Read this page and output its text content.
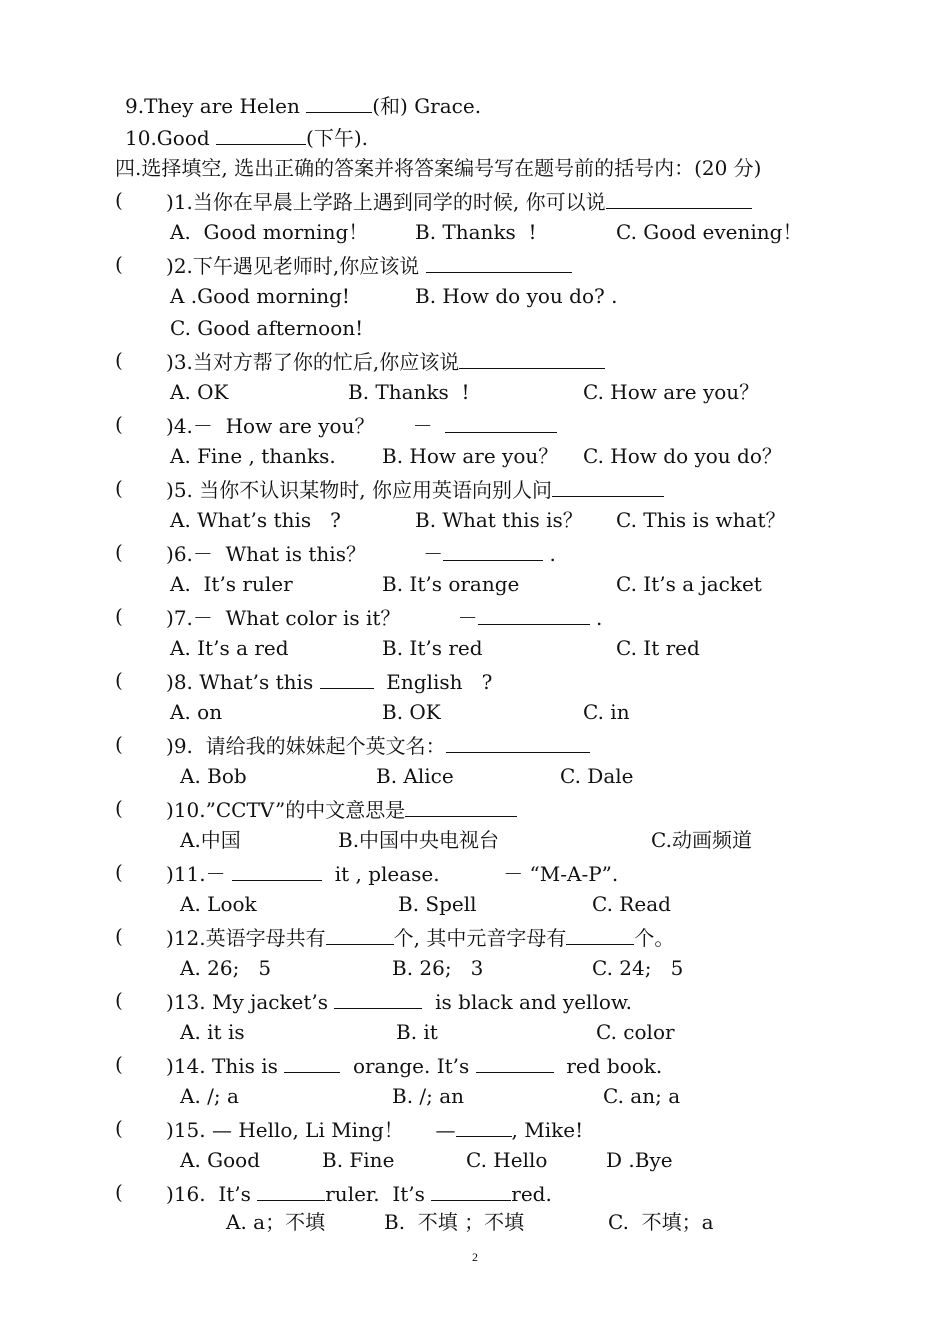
9.They are Helen	(和) Grace.
10.Good	(下午).
四.选择填空, 选出正确的答案并将答案编号写在题号前的括号内：(20 分)
( )1.当你在早晨上学路上遇到同学的时候, 你可以说
A.  Good morning！ B. Thanks  !	C. Good evening！
( )2.下午遇见老师时,你应该说
A .Good morning!	B. How do you do? .
C. Good afternoon!
( )3.当对方帮了你的忙后,你应该说
A. OK	B. Thanks  !	C. How are you？
( )4.－  How are you？      －
A. Fine , thanks. B. How are you？ C. How do you do？
( )5. 当你不认识某物时, 你应用英语向别人问
A. What’s this   ?	B. What this is？ C. This is what？
( )6.－  What is this？         －	.
A.  It’s ruler	B. It’s orange	C. It’s a jacket
( )7.－  What color is it？         －	.
A. It’s a red	B. It’s red	C. It red
( )8. What’s this	English   ?
A. on	B. OK	C. in
( )9.  请给我的妹妹起个英文名：
A. Bob	B. Alice	C. Dale
( )10.”CCTV”的中文意思是
A.中国	B.中国中央电视台	C.动画频道
( )11.－	it , please.          － “M-A-P”.
A. Look	B. Spell	C. Read
( )12.英语字母共有	个, 其中元音字母有	个。
A. 26;   5	B. 26;   3	C. 24;   5
( )13. My jacket’s	is black and yellow.
A. it is	B. it	C. color
( )14. This is	orange. It’s	red book.
A. /; a	B. /; an	C. an; a
( )15. — Hello, Li Ming！     —	, Mike!
A. Good	B. Fine	C. Hello	D .Bye
( )16.  It’s	ruler.  It’s	red.
A. a；不填	B.  不填 ；不填	C.  不填；a
2
